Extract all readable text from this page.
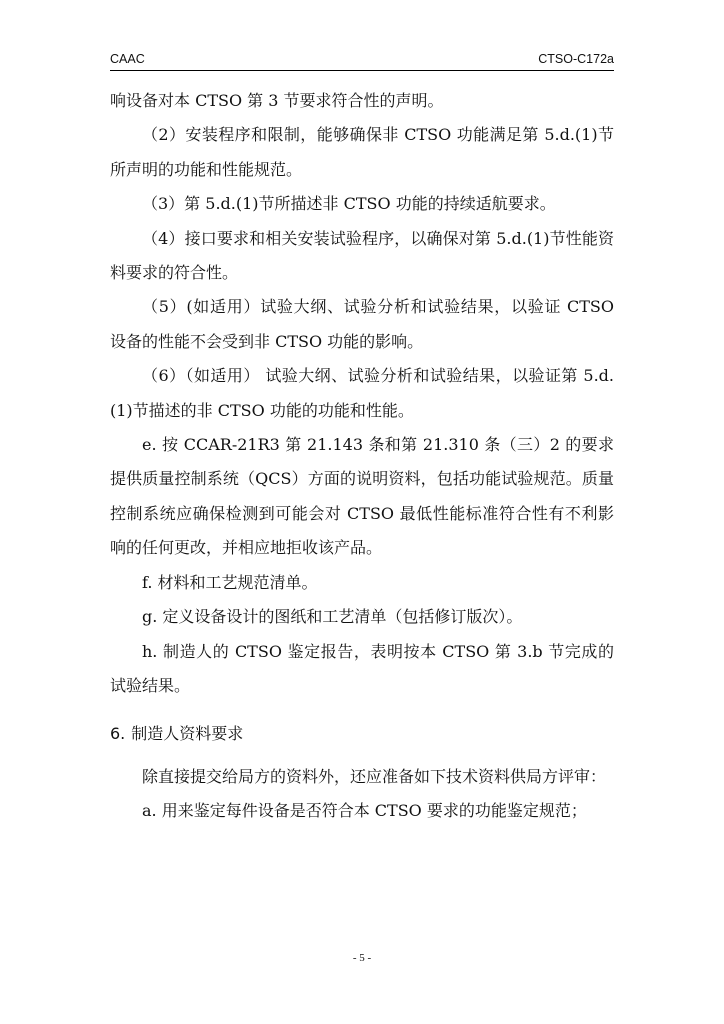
CAAC	CTSO-C172a

响设备对本 CTSO 第 3 节要求符合性的声明。

（2）安装程序和限制，能够确保非 CTSO 功能满足第 5.d.(1)节所声明的功能和性能规范。

（3）第 5.d.(1)节所描述非 CTSO 功能的持续适航要求。

（4）接口要求和相关安装试验程序，以确保对第 5.d.(1)节性能资料要求的符合性。

（5）(如适用）试验大纲、试验分析和试验结果，以验证 CTSO 设备的性能不会受到非 CTSO 功能的影响。

（6）（如适用） 试验大纲、试验分析和试验结果，以验证第 5.d.(1)节描述的非 CTSO 功能的功能和性能。

e. 按 CCAR-21R3 第 21.143 条和第 21.310 条（三）2 的要求提供质量控制系统（QCS）方面的说明资料，包括功能试验规范。质量控制系统应确保检测到可能会对 CTSO 最低性能标准符合性有不利影响的任何更改，并相应地拒收该产品。

f. 材料和工艺规范清单。

g. 定义设备设计的图纸和工艺清单（包括修订版次）。

h. 制造人的 CTSO 鉴定报告，表明按本 CTSO 第 3.b 节完成的试验结果。

6. 制造人资料要求

除直接提交给局方的资料外，还应准备如下技术资料供局方评审：

a. 用来鉴定每件设备是否符合本 CTSO 要求的功能鉴定规范；

- 5 -
